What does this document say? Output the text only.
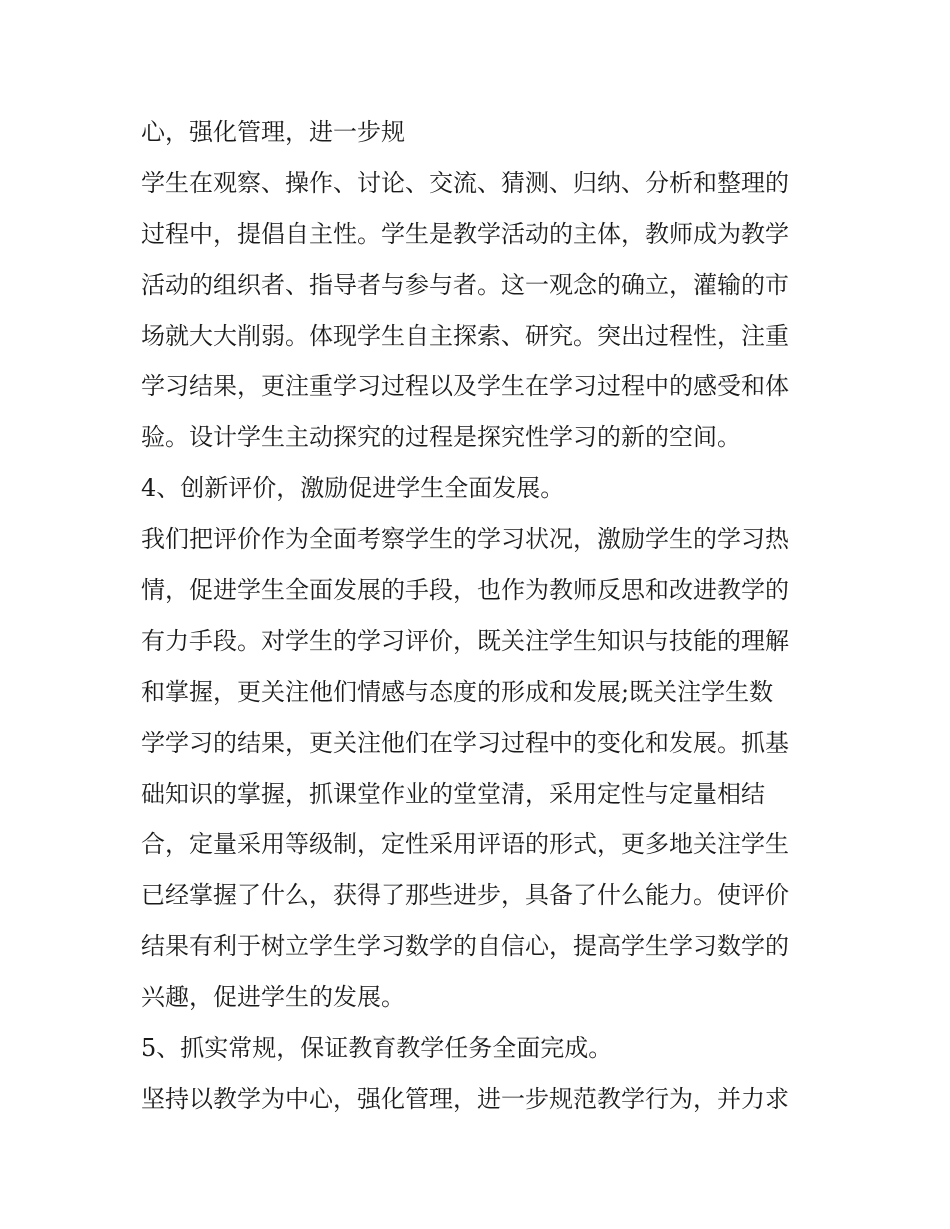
心，强化管理，进一步规
学生在观察、操作、讨论、交流、猜测、归纳、分析和整理的
过程中，提倡自主性。学生是教学活动的主体，教师成为教学
活动的组织者、指导者与参与者。这一观念的确立，灌输的市
场就大大削弱。体现学生自主探索、研究。突出过程性，注重
学习结果，更注重学习过程以及学生在学习过程中的感受和体
验。设计学生主动探究的过程是探究性学习的新的空间。
4、创新评价，激励促进学生全面发展。
我们把评价作为全面考察学生的学习状况，激励学生的学习热
情，促进学生全面发展的手段，也作为教师反思和改进教学的
有力手段。对学生的学习评价，既关注学生知识与技能的理解
和掌握，更关注他们情感与态度的形成和发展;既关注学生数
学学习的结果，更关注他们在学习过程中的变化和发展。抓基
础知识的掌握，抓课堂作业的堂堂清，采用定性与定量相结
合，定量采用等级制，定性采用评语的形式，更多地关注学生
已经掌握了什么，获得了那些进步，具备了什么能力。使评价
结果有利于树立学生学习数学的自信心，提高学生学习数学的
兴趣，促进学生的发展。
5、抓实常规，保证教育教学任务全面完成。
坚持以教学为中心，强化管理，进一步规范教学行为，并力求
